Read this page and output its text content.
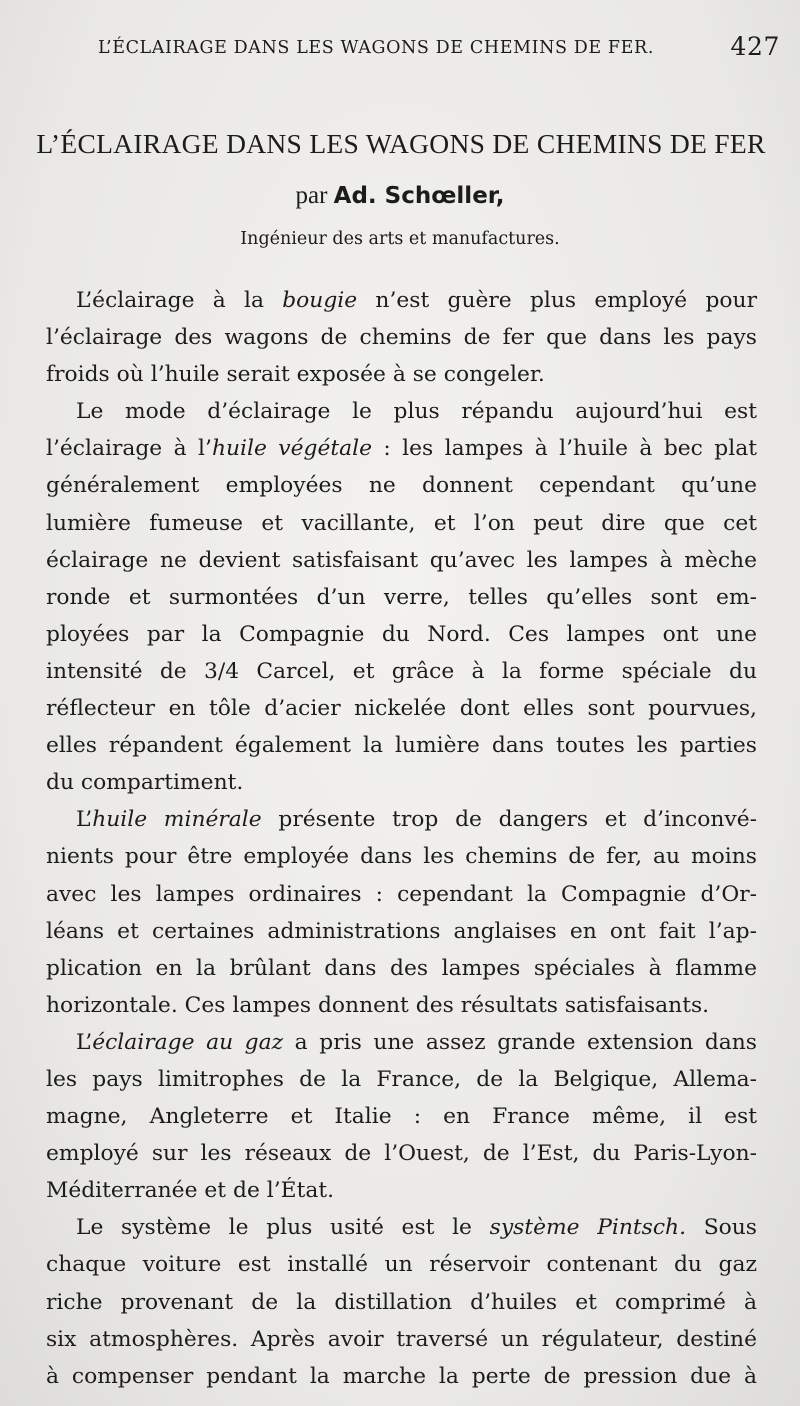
L’ÉCLAIRAGE DANS LES WAGONS DE CHEMINS DE FER.	427
L’ÉCLAIRAGE DANS LES WAGONS DE CHEMINS DE FER
par Ad. Schœller,
Ingénieur des arts et manufactures.
L’éclairage à la bougie n’est guère plus employé pour
l’éclairage des wagons de chemins de fer que dans les pays
froids où l’huile serait exposée à se congeler.
Le mode d’éclairage le plus répandu aujourd’hui est
l’éclairage à l’huile végétale : les lampes à l’huile à bec plat
généralement employées ne donnent cependant qu’une
lumière fumeuse et vacillante, et l’on peut dire que cet
éclairage ne devient satisfaisant qu’avec les lampes à mèche
ronde et surmontées d’un verre, telles qu’elles sont em-
ployées par la Compagnie du Nord. Ces lampes ont une
intensité de 3/4 Carcel, et grâce à la forme spéciale du
réflecteur en tôle d’acier nickelée dont elles sont pourvues,
elles répandent également la lumière dans toutes les parties
du compartiment.
L’huile minérale présente trop de dangers et d’inconvé-
nients pour être employée dans les chemins de fer, au moins
avec les lampes ordinaires : cependant la Compagnie d’Or-
léans et certaines administrations anglaises en ont fait l’ap-
plication en la brûlant dans des lampes spéciales à flamme
horizontale. Ces lampes donnent des résultats satisfaisants.
L’éclairage au gaz a pris une assez grande extension dans
les pays limitrophes de la France, de la Belgique, Allema-
magne, Angleterre et Italie : en France même, il est
employé sur les réseaux de l’Ouest, de l’Est, du Paris-Lyon-
Méditerranée et de l’État.
Le système le plus usité est le système Pintsch. Sous
chaque voiture est installé un réservoir contenant du gaz
riche provenant de la distillation d’huiles et comprimé à
six atmosphères. Après avoir traversé un régulateur, destiné
à compenser pendant la marche la perte de pression due à
